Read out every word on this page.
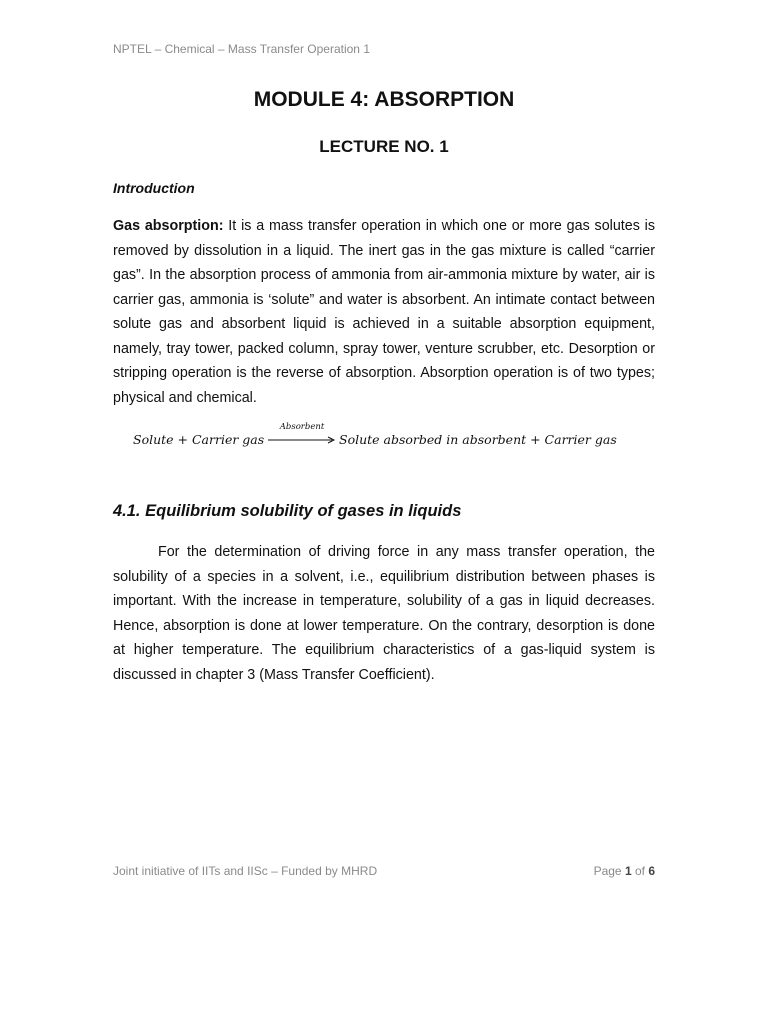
NPTEL – Chemical – Mass Transfer Operation 1
MODULE 4: ABSORPTION
LECTURE NO. 1
Introduction
Gas absorption: It is a mass transfer operation in which one or more gas solutes is removed by dissolution in a liquid. The inert gas in the gas mixture is called “carrier gas”. In the absorption process of ammonia from air-ammonia mixture by water, air is carrier gas, ammonia is ‘solute” and water is absorbent. An intimate contact between solute gas and absorbent liquid is achieved in a suitable absorption equipment, namely, tray tower, packed column, spray tower, venture scrubber, etc. Desorption or stripping operation is the reverse of absorption. Absorption operation is of two types; physical and chemical.
Solute + Carrier gas
Absorbent
Solute absorbed in absorbent + Carrier gas
4.1. Equilibrium solubility of gases in liquids
For the determination of driving force in any mass transfer operation, the solubility of a species in a solvent, i.e., equilibrium distribution between phases is important. With the increase in temperature, solubility of a gas in liquid decreases. Hence, absorption is done at lower temperature. On the contrary, desorption is done at higher temperature. The equilibrium characteristics of a gas-liquid system is discussed in chapter 3 (Mass Transfer Coefficient).
Joint initiative of IITs and IISc – Funded by MHRD	Page 1 of 6
